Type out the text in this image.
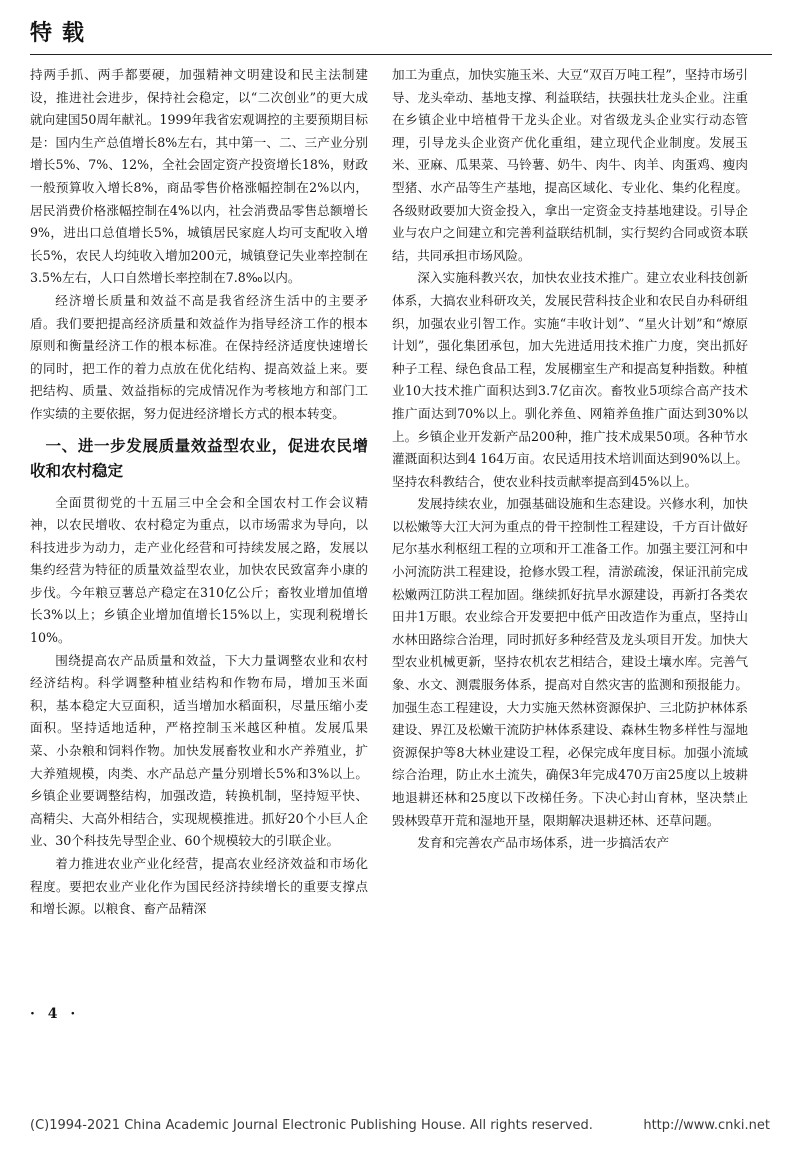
特载

持两手抓、两手都要硬，加强精神文明建设和民主法制建设，推进社会进步，保持社会稳定，以“二次创业”的更大成就向建国50周年献礼。1999年我省宏观调控的主要预期目标是：国内生产总值增长8%左右，其中第一、二、三产业分别增长5%、7%、12%，全社会固定资产投资增长18%，财政一般预算收入增长8%，商品零售价格涨幅控制在2%以内，居民消费价格涨幅控制在4%以内，社会消费品零售总额增长9%，进出口总值增长5%，城镇居民家庭人均可支配收入增长5%，农民人均纯收入增加200元，城镇登记失业率控制在3.5%左右，人口自然增长率控制在7.8‰以内。

经济增长质量和效益不高是我省经济生活中的主要矛盾。我们要把提高经济质量和效益作为指导经济工作的根本原则和衡量经济工作的根本标准。在保持经济适度快速增长的同时，把工作的着力点放在优化结构、提高效益上来。要把结构、质量、效益指标的完成情况作为考核地方和部门工作实绩的主要依据，努力促进经济增长方式的根本转变。

一、进一步发展质量效益型农业，促进农民增收和农村稳定

全面贯彻党的十五届三中全会和全国农村工作会议精神，以农民增收、农村稳定为重点，以市场需求为导向，以科技进步为动力，走产业化经营和可持续发展之路，发展以集约经营为特征的质量效益型农业，加快农民致富奔小康的步伐。今年粮豆薯总产稳定在310亿公斤；畜牧业增加值增长3%以上；乡镇企业增加值增长15%以上，实现利税增长10%。

围绕提高农产品质量和效益，下大力量调整农业和农村经济结构。科学调整种植业结构和作物布局，增加玉米面积，基本稳定大豆面积，适当增加水稻面积，尽量压缩小麦面积。坚持适地适种，严格控制玉米越区种植。发展瓜果菜、小杂粮和饲料作物。加快发展畜牧业和水产养殖业，扩大养殖规模，肉类、水产品总产量分别增长5%和3%以上。乡镇企业要调整结构，加强改造，转换机制，坚持短平快、高精尖、大高外相结合，实现规模推进。抓好20个小巨人企业、30个科技先导型企业、60个规模较大的引联企业。

着力推进农业产业化经营，提高农业经济效益和市场化程度。要把农业产业化作为国民经济持续增长的重要支撑点和增长源。以粮食、畜产品精深

加工为重点，加快实施玉米、大豆“双百万吨工程”，坚持市场引导、龙头牵动、基地支撑、利益联结，扶强扶壮龙头企业。注重在乡镇企业中培植骨干龙头企业。对省级龙头企业实行动态管理，引导龙头企业资产优化重组，建立现代企业制度。发展玉米、亚麻、瓜果菜、马铃薯、奶牛、肉牛、肉羊、肉蛋鸡、瘦肉型猪、水产品等生产基地，提高区域化、专业化、集约化程度。各级财政要加大资金投入，拿出一定资金支持基地建设。引导企业与农户之间建立和完善利益联结机制，实行契约合同或资本联结，共同承担市场风险。

深入实施科教兴农，加快农业技术推广。建立农业科技创新体系，大搞农业科研攻关，发展民营科技企业和农民自办科研组织，加强农业引智工作。实施“丰收计划”、“星火计划”和“燎原计划”，强化集团承包，加大先进适用技术推广力度，突出抓好种子工程、绿色食品工程，发展棚室生产和提高复种指数。种植业10大技术推广面积达到3.7亿亩次。畜牧业5项综合高产技术推广面达到70%以上。驯化养鱼、网箱养鱼推广面达到30%以上。乡镇企业开发新产品200种，推广技术成果50项。各种节水灌溉面积达到4 164万亩。农民适用技术培训面达到90%以上。坚持农科教结合，使农业科技贡献率提高到45%以上。

发展持续农业，加强基础设施和生态建设。兴修水利，加快以松嫩等大江大河为重点的骨干控制性工程建设，千方百计做好尼尔基水利枢纽工程的立项和开工准备工作。加强主要江河和中小河流防洪工程建设，抢修水毁工程，清淤疏浚，保证汛前完成松嫩两江防洪工程加固。继续抓好抗旱水源建设，再新打各类农田井1万眼。农业综合开发要把中低产田改造作为重点，坚持山水林田路综合治理，同时抓好多种经营及龙头项目开发。加快大型农业机械更新，坚持农机农艺相结合，建设土壤水库。完善气象、水文、测震服务体系，提高对自然灾害的监测和预报能力。加强生态工程建设，大力实施天然林资源保护、三北防护林体系建设、界江及松嫩干流防护林体系建设、森林生物多样性与湿地资源保护等8大林业建设工程，必保完成年度目标。加强小流域综合治理，防止水土流失，确保3年完成470万亩25度以上坡耕地退耕还林和25度以下改梯任务。下决心封山育林，坚决禁止毁林毁草开荒和湿地开垦，限期解决退耕还林、还草问题。

发育和完善农产品市场体系，进一步搞活农产

· 4 ·
(C)1994-2021 China Academic Journal Electronic Publishing House. All rights reserved.	http://www.cnki.net
